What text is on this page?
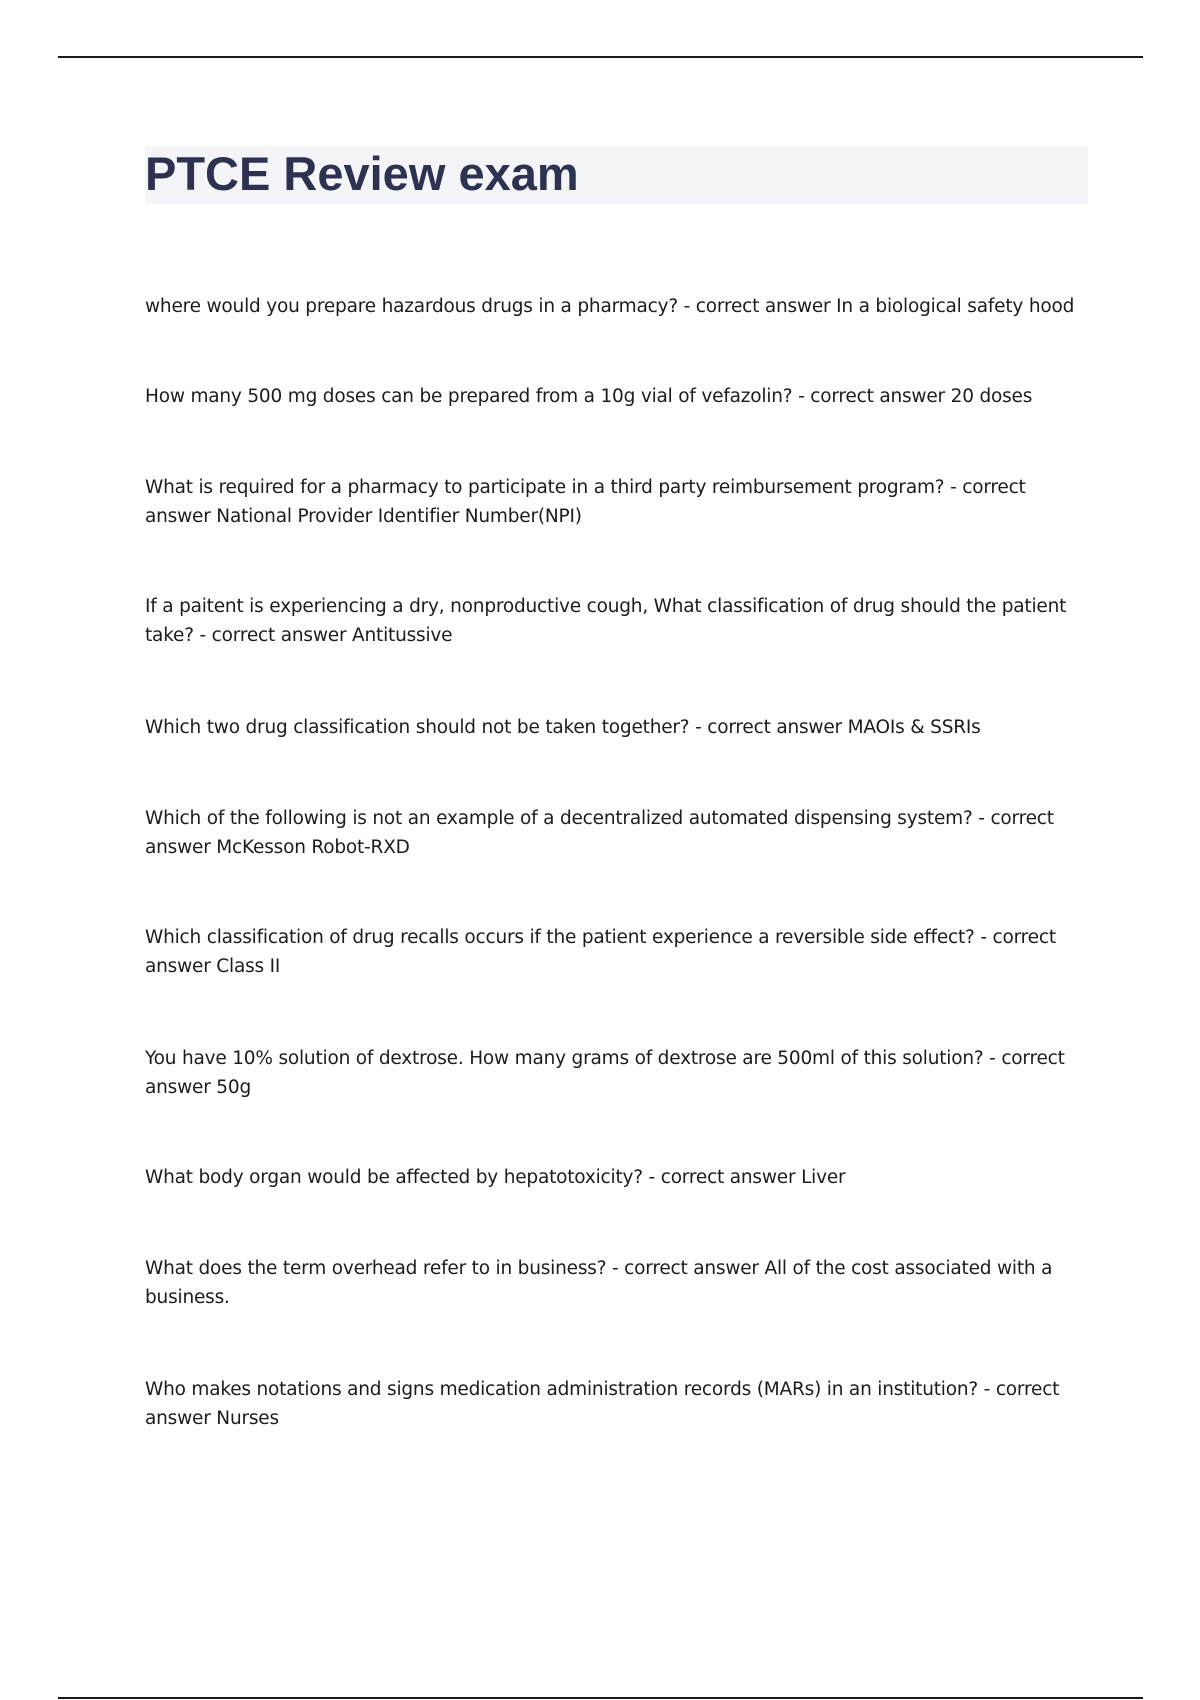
PTCE Review exam
where would you prepare hazardous drugs in a pharmacy? - correct answer In a biological safety hood
How many 500 mg doses can be prepared from a 10g vial of vefazolin? - correct answer 20 doses
What is required for a pharmacy to participate in a third party reimbursement program? - correct answer National Provider Identifier Number(NPI)
If a paitent is experiencing a dry, nonproductive cough, What classification of drug should the patient take? - correct answer Antitussive
Which two drug classification should not be taken together? - correct answer MAOIs & SSRIs
Which of the following is not an example of a decentralized automated dispensing system? - correct answer McKesson Robot-RXD
Which classification of drug recalls occurs if the patient experience a reversible side effect? - correct answer Class II
You have 10% solution of dextrose. How many grams of dextrose are 500ml of this solution? - correct answer 50g
What body organ would be affected by hepatotoxicity? - correct answer Liver
What does the term overhead refer to in business? - correct answer All of the cost associated with a business.
Who makes notations and signs medication administration records (MARs) in an institution? - correct answer Nurses
